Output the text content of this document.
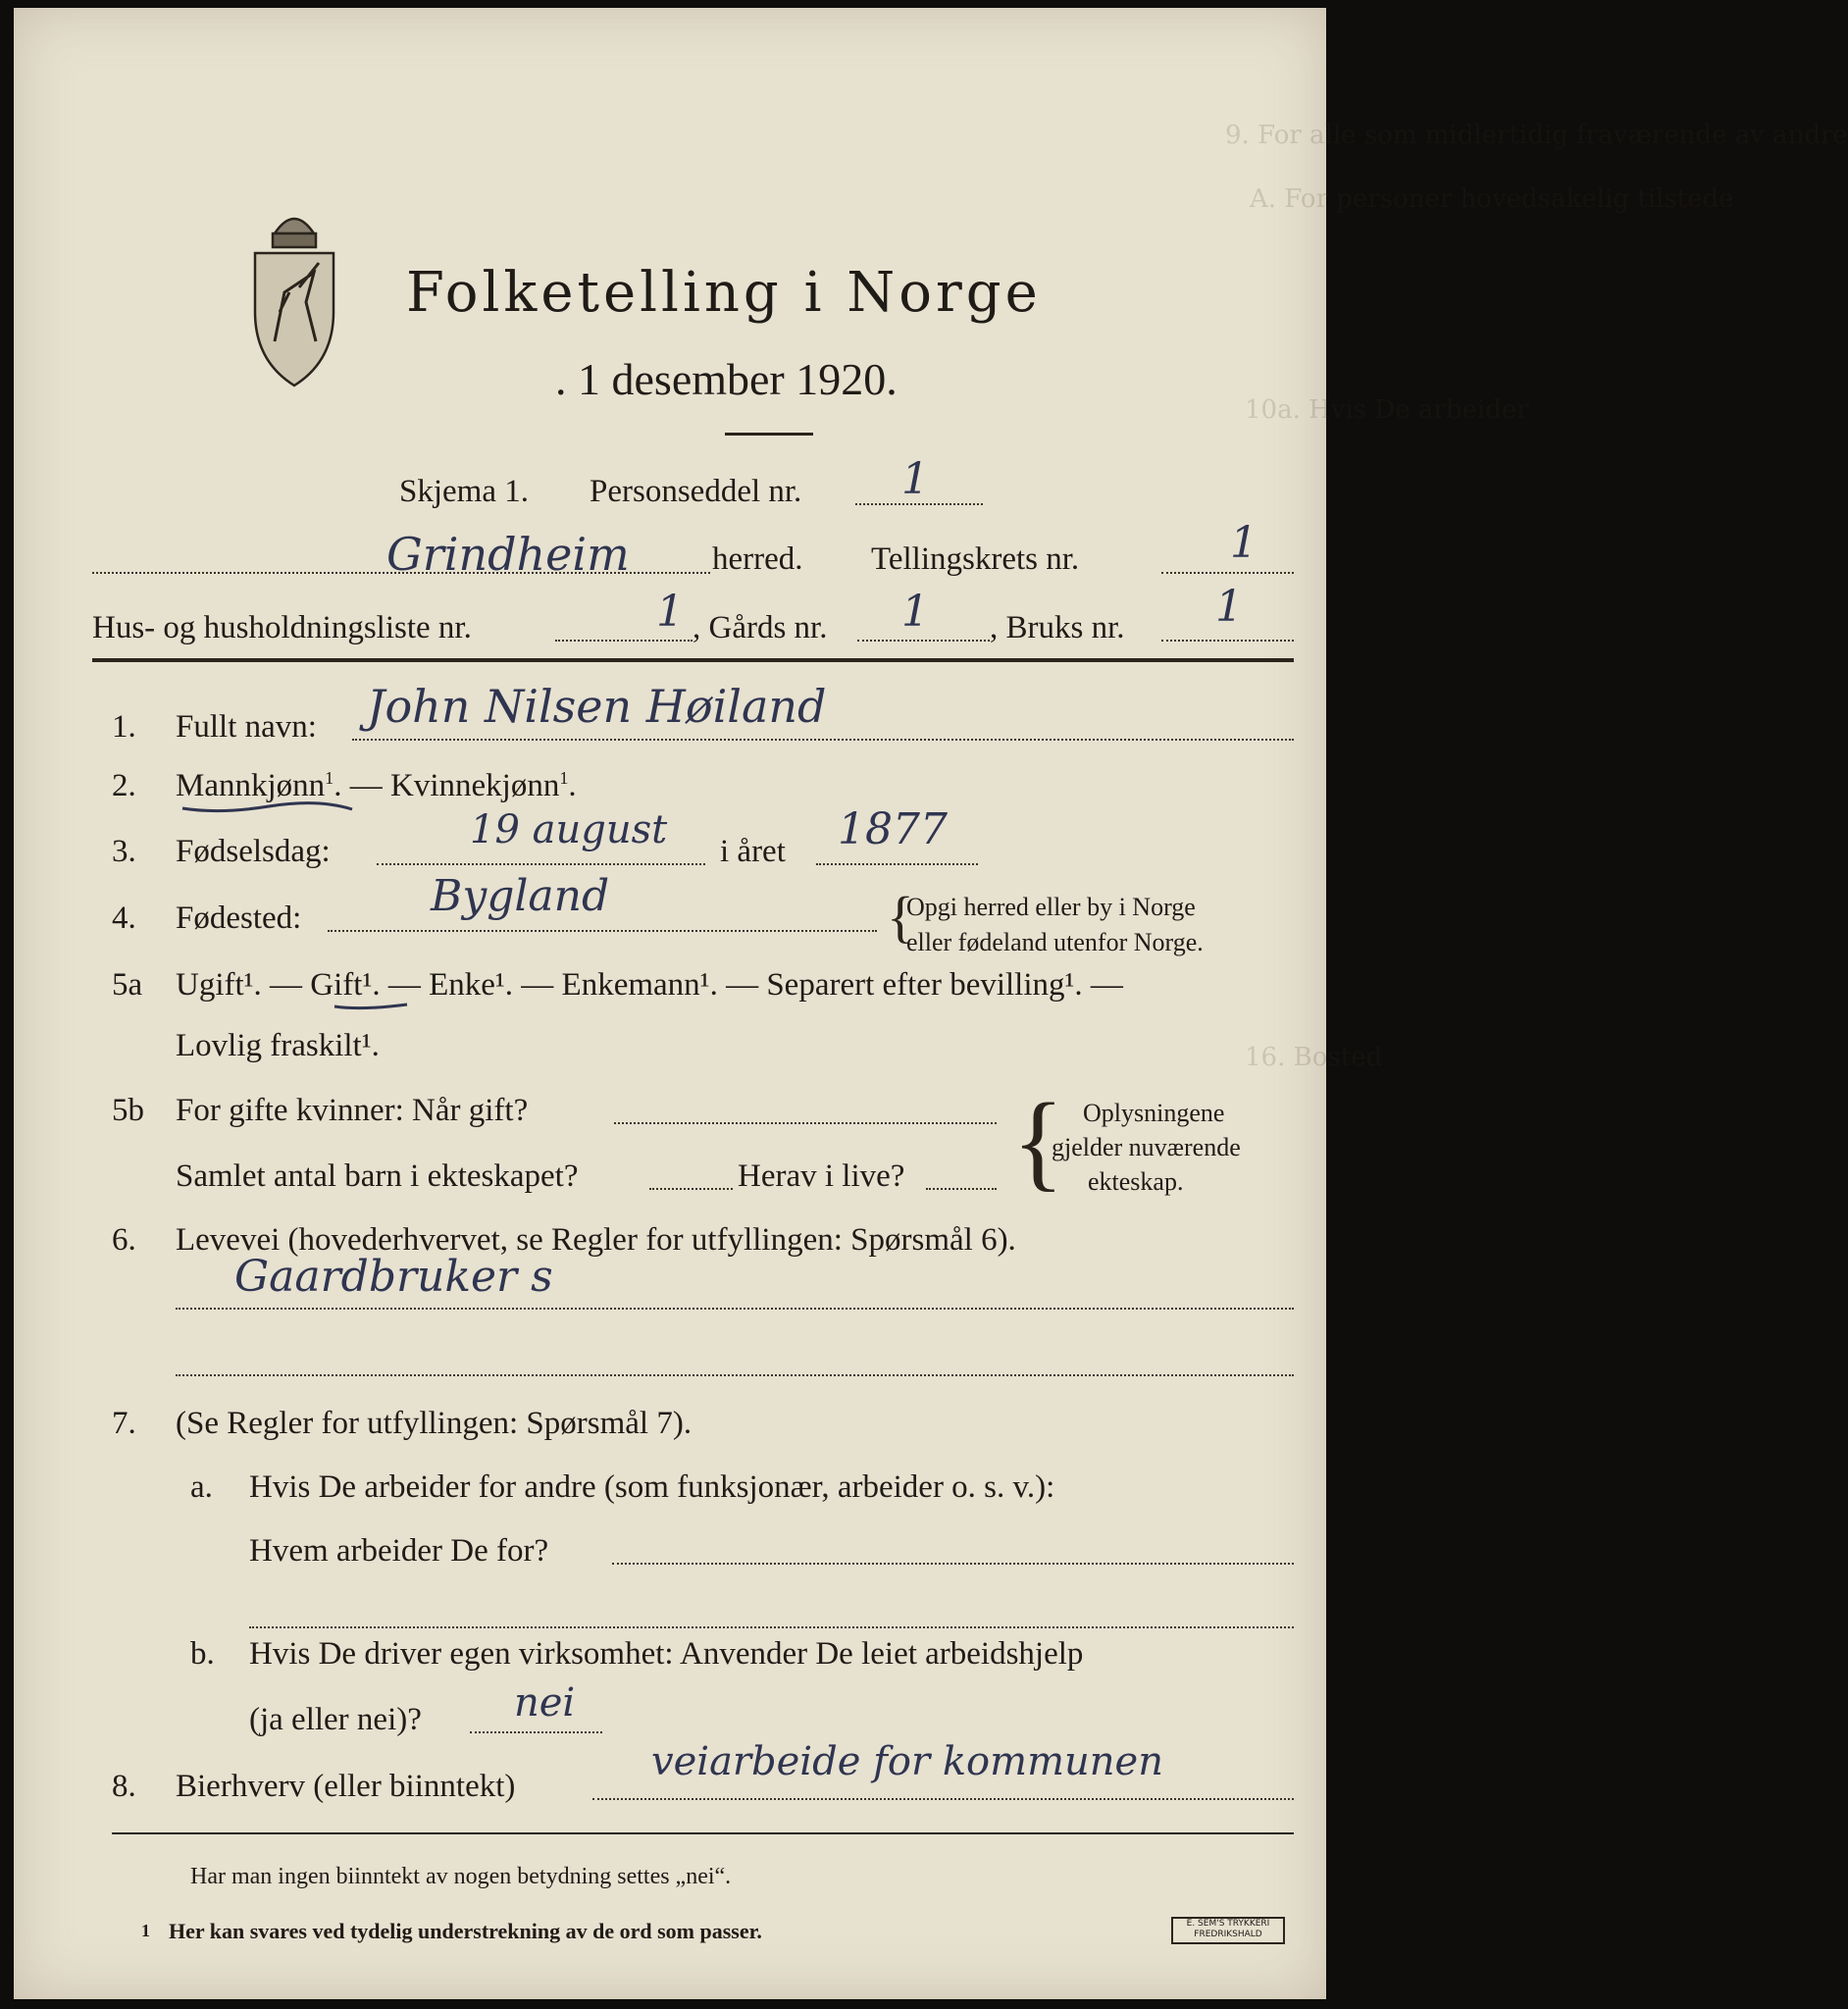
9. For alle som midlertidig fraværende av andre
A. For personer hovedsakelig tilstede
10a. Hvis De arbeider
16. Bosted
Folketelling i Norge
. 1 desember 1920.
Skjema 1. Personseddel nr. 1
Grindheim	herred. Tellingskrets nr.	1
Hus- og husholdningsliste nr.	1 , Gårds nr. 1 , Bruks nr. 1
1. Fullt navn: John Nilsen Høiland
2. Mannkjønn$^1$. — Kvinnekjønn$^1$.
3. Fødselsdag:	19 august i året 1877
4. Fødested:	Bygland	{
Opgi herred eller by i Norge
eller fødeland utenfor Norge.
5a Ugift¹. — Gift¹. — Enke¹. — Enkemann¹. — Separert efter bevilling¹. —
Lovlig fraskilt¹.
5b For gifte kvinner: Når gift?
Samlet antal barn i ekteskapet?	Herav i live? { Oplysningene
gjelder nuværende
ekteskap.
6. Levevei (hovederhvervet, se Regler for utfyllingen: Spørsmål 6).
Gaardbruker s
7. (Se Regler for utfyllingen: Spørsmål 7).
a. Hvis De arbeider for andre (som funksjonær, arbeider o. s. v.):
Hvem arbeider De for?
b. Hvis De driver egen virksomhet: Anvender De leiet arbeidshjelp
(ja eller nei)? nei
8. Bierhverv (eller biinntekt)
veiarbeide for kommunen
Har man ingen biinntekt av nogen betydning settes „nei“.
1 Her kan svares ved tydelig understrekning av de ord som passer.	E. SEM'S TRYKKERI
FREDRIKSHALD
